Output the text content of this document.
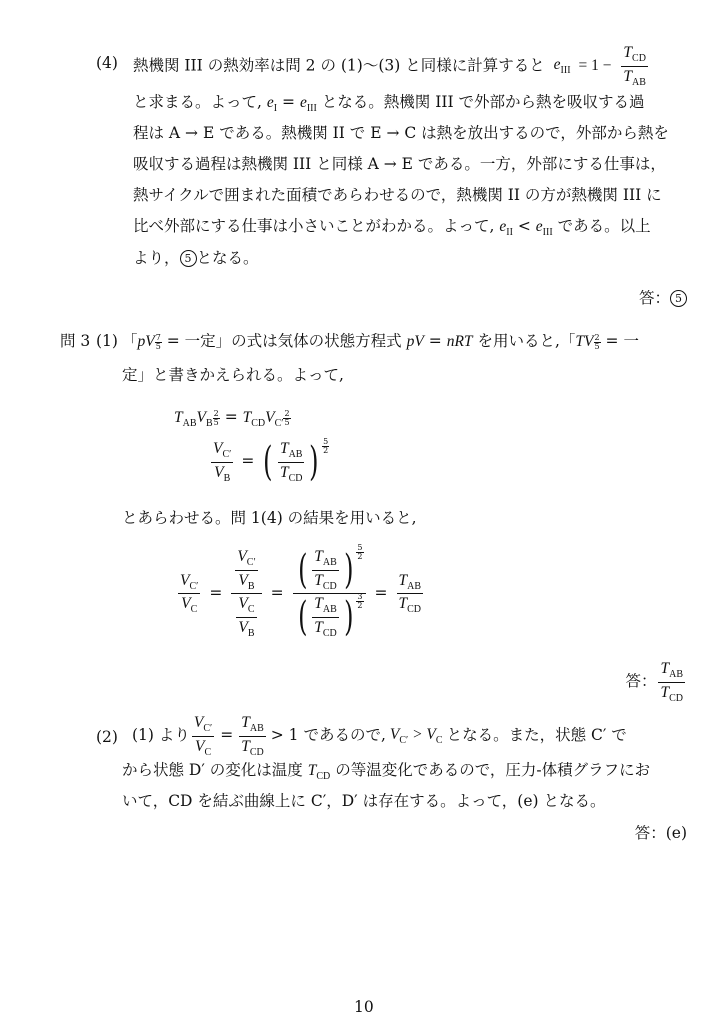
(4) 熱機関 III の熱効率は問 2 の (1)〜(3) と同様に計算すると $e_{III} = 1 - \frac{T_{CD}}{T_{AB}}$
と求まる。よって, $e_I = e_{III}$ となる。熱機関 III で外部から熱を吸収する過
程は A → E である。熱機関 II で E → C は熱を放出するので，外部から熱を
吸収する過程は熱機関 III と同様 A → E である。一方，外部にする仕事は，
熱サイクルで囲まれた面積であらわせるので，熱機関 II の方が熱機関 III に
比べ外部にする仕事は小さいことがわかる。よって, $e_{II} < e_{III}$ である。以上
より， 5 となる。
答： 5
問 3 (1) 「pV $\frac{7}{5}$ = 一定」の式は気体の状態方程式 pV = nRT を用いると,「TV $\frac{2}{5}$ = 一
定」と書きかえられる。よって,
$T_{AB}V_B \frac{2}{5} = T_{CD}V_{C'} \frac{2}{5}$
$\frac{V_{C'}}{V_B}$ = ( $\frac{T_{AB}}{T_{CD}}$ ) $\frac{5}{2}$
とあらわせる。問 1(4) の結果を用いると,
$\frac{V_{C'}}{V_C} = \frac{\frac{V_{C'}}{V_B}}{\frac{V_C}{V_B}} = \frac{( \frac{T_{AB}}{T_{CD}} ) \frac{5}{2}}{( \frac{T_{AB}}{T_{CD}} ) \frac{3}{2}} = \frac{T_{AB}}{T_{CD}}$
答： $\frac{T_{AB}}{T_{CD}}$
(2) (1) より $\frac{V_{C'}}{V_C} = \frac{T_{AB}}{T_{CD}} > 1$ であるので, $V_{C'} > V_C$ となる。また，状態 C′ で
から状態 D′ の変化は温度 $T_{CD}$ の等温変化であるので，圧力-体積グラフにお
いて，CD を結ぶ曲線上に C′，D′ は存在する。よって，(e) となる。
答：(e)
10
